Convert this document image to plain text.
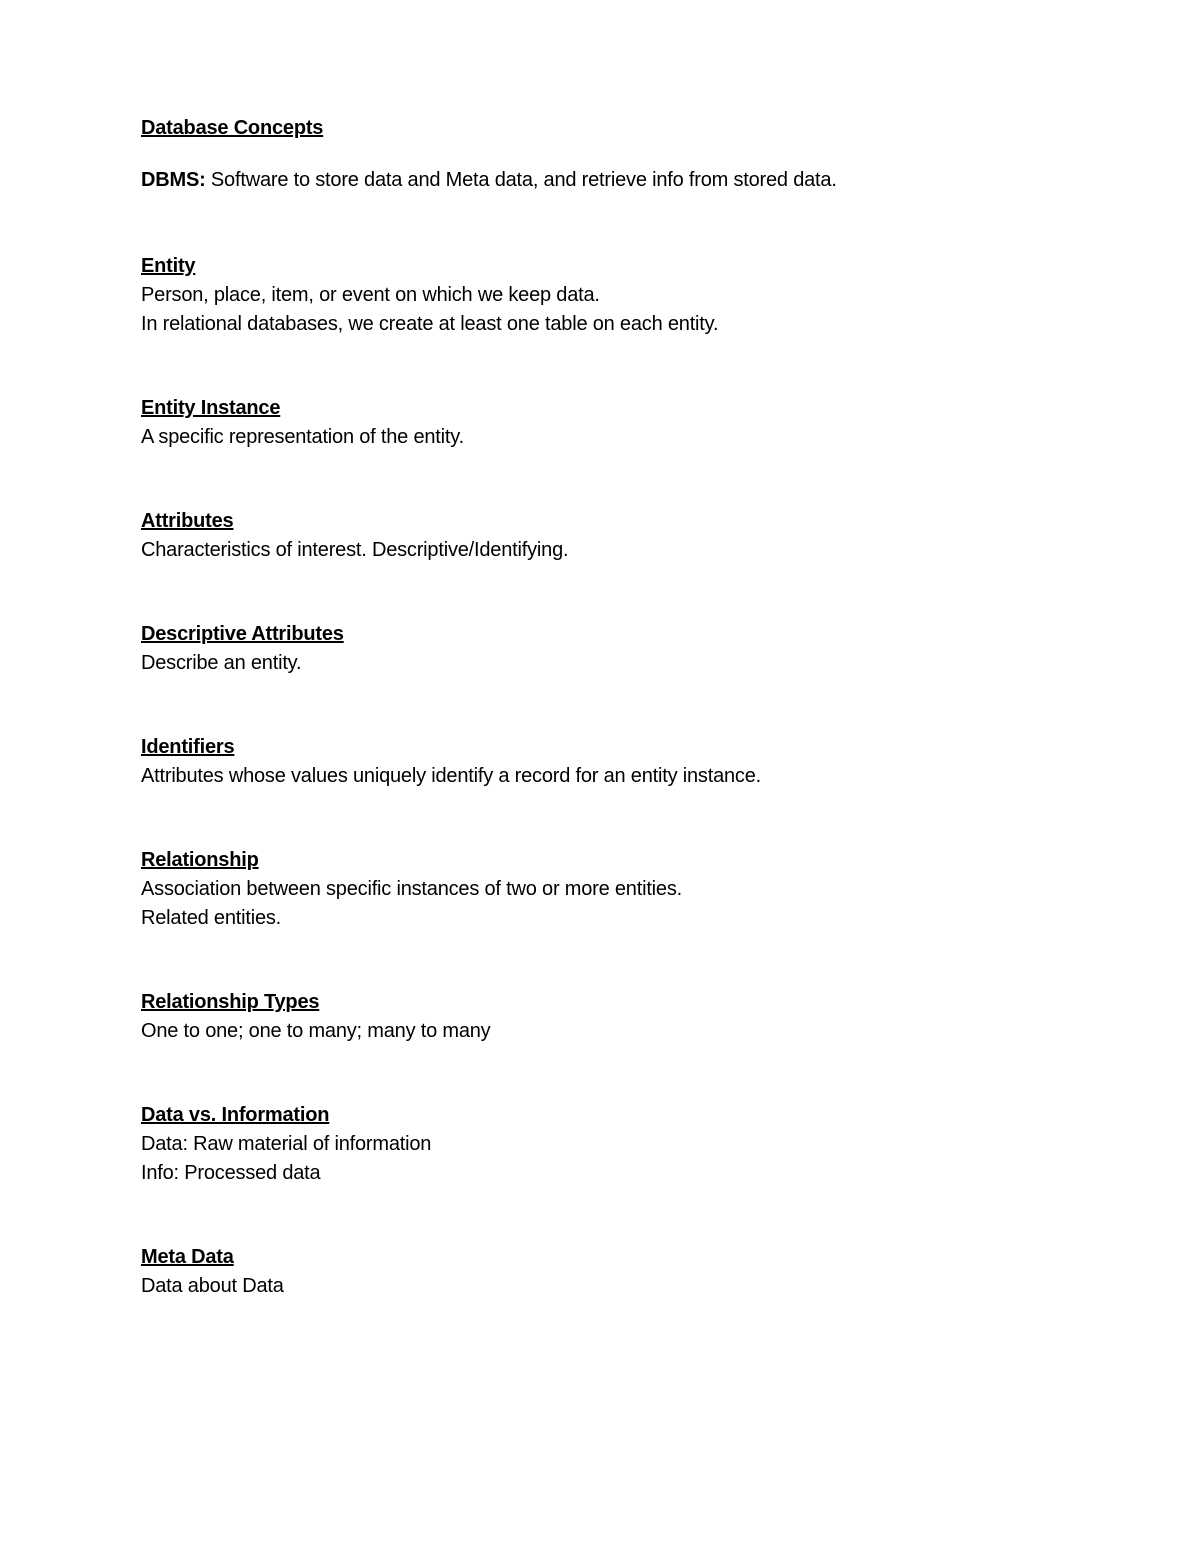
Database Concepts
DBMS: Software to store data and Meta data, and retrieve info from stored data.
Entity
Person, place, item, or event on which we keep data.
In relational databases, we create at least one table on each entity.
Entity Instance
A specific representation of the entity.
Attributes
Characteristics of interest. Descriptive/Identifying.
Descriptive Attributes
Describe an entity.
Identifiers
Attributes whose values uniquely identify a record for an entity instance.
Relationship
Association between specific instances of two or more entities.
Related entities.
Relationship Types
One to one; one to many; many to many
Data vs. Information
Data: Raw material of information
Info: Processed data
Meta Data
Data about Data
